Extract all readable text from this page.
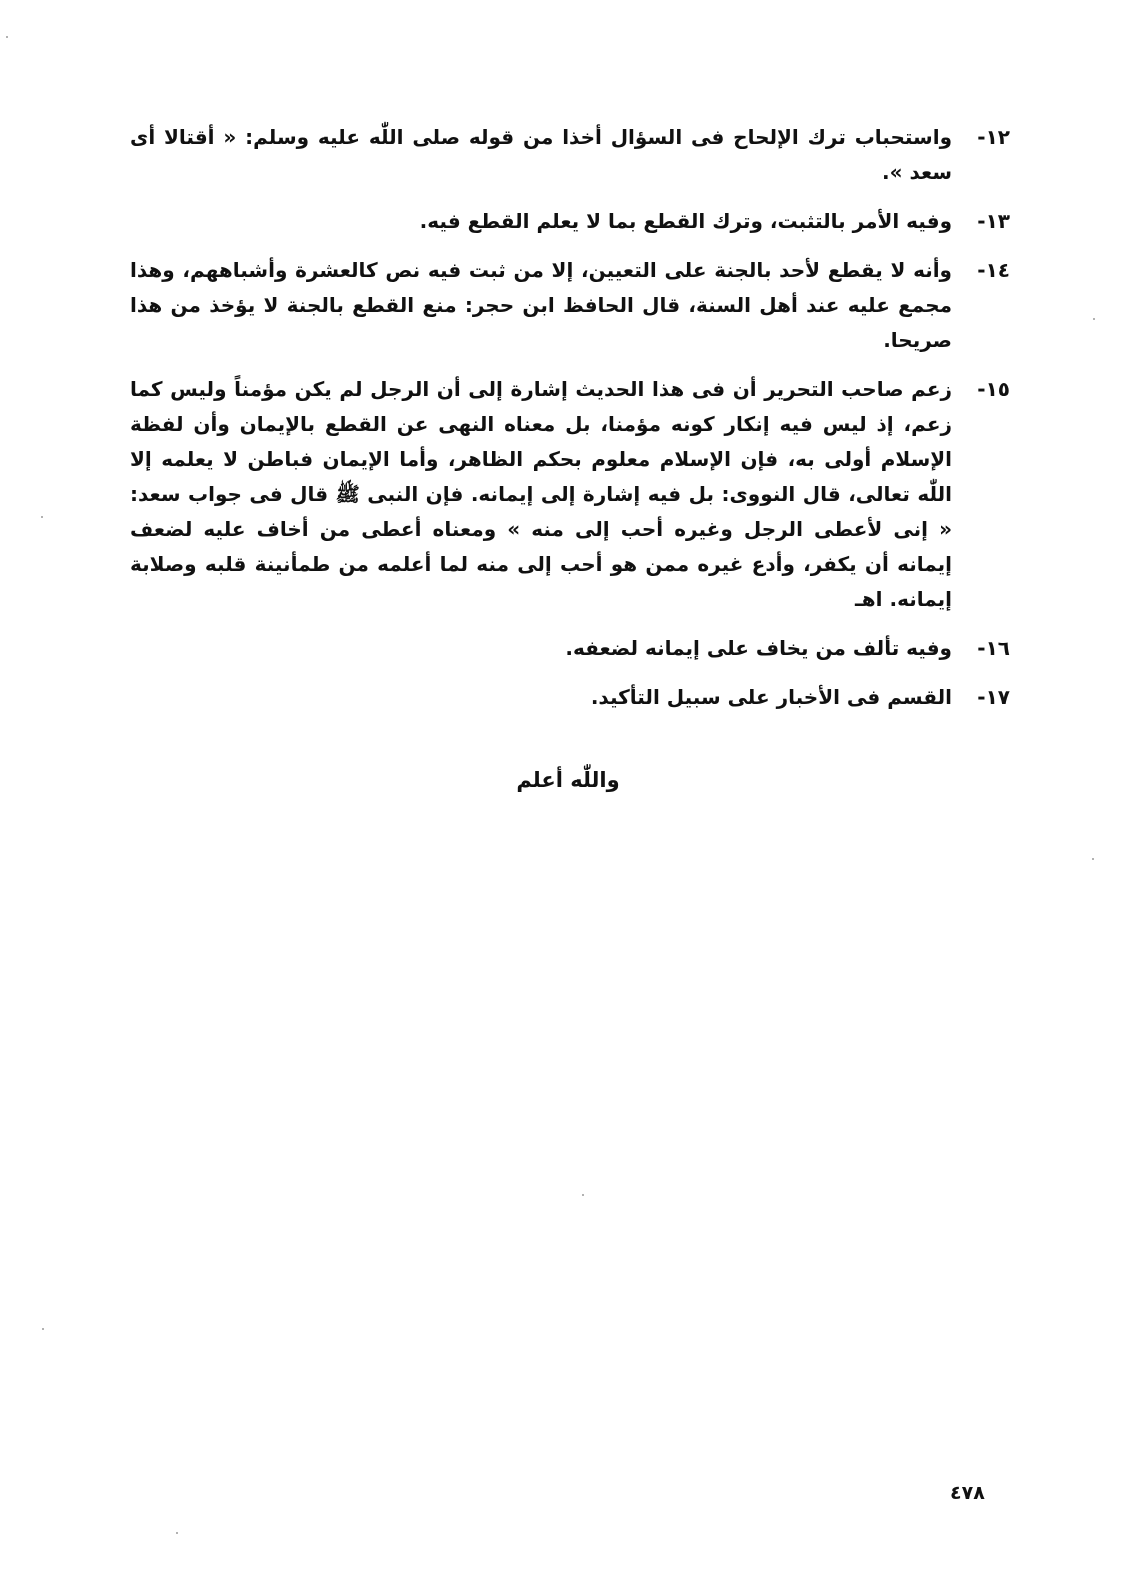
١٢-
واستحباب ترك الإلحاح فى السؤال أخذا من قوله صلى اللّٰه عليه وسلم: « أقتالا أى سعد ».
١٣-
وفيه الأمر بالتثبت، وترك القطع بما لا يعلم القطع فيه.
١٤-
وأنه لا يقطع لأحد بالجنة على التعيين، إلا من ثبت فيه نص كالعشرة وأشباههم، وهذا مجمع عليه عند أهل السنة، قال الحافظ ابن حجر: منع القطع بالجنة لا يؤخذ من هذا صريحا.
١٥-
زعم صاحب التحرير أن فى هذا الحديث إشارة إلى أن الرجل لم يكن مؤمناً وليس كما زعم، إذ ليس فيه إنكار كونه مؤمنا، بل معناه النهى عن القطع بالإيمان وأن لفظة الإسلام أولى به، فإن الإسلام معلوم بحكم الظاهر، وأما الإيمان فباطن لا يعلمه إلا اللّٰه تعالى، قال النووى: بل فيه إشارة إلى إيمانه. فإن النبى ﷺ قال فى جواب سعد: « إنى لأعطى الرجل وغيره أحب إلى منه » ومعناه أعطى من أخاف عليه لضعف إيمانه أن يكفر، وأدع غيره ممن هو أحب إلى منه لما أعلمه من طمأنينة قلبه وصلابة إيمانه. اهـ
١٦-
وفيه تألف من يخاف على إيمانه لضعفه.
١٧-
القسم فى الأخبار على سبيل التأكيد.
واللّٰه أعلم
٤٧٨
